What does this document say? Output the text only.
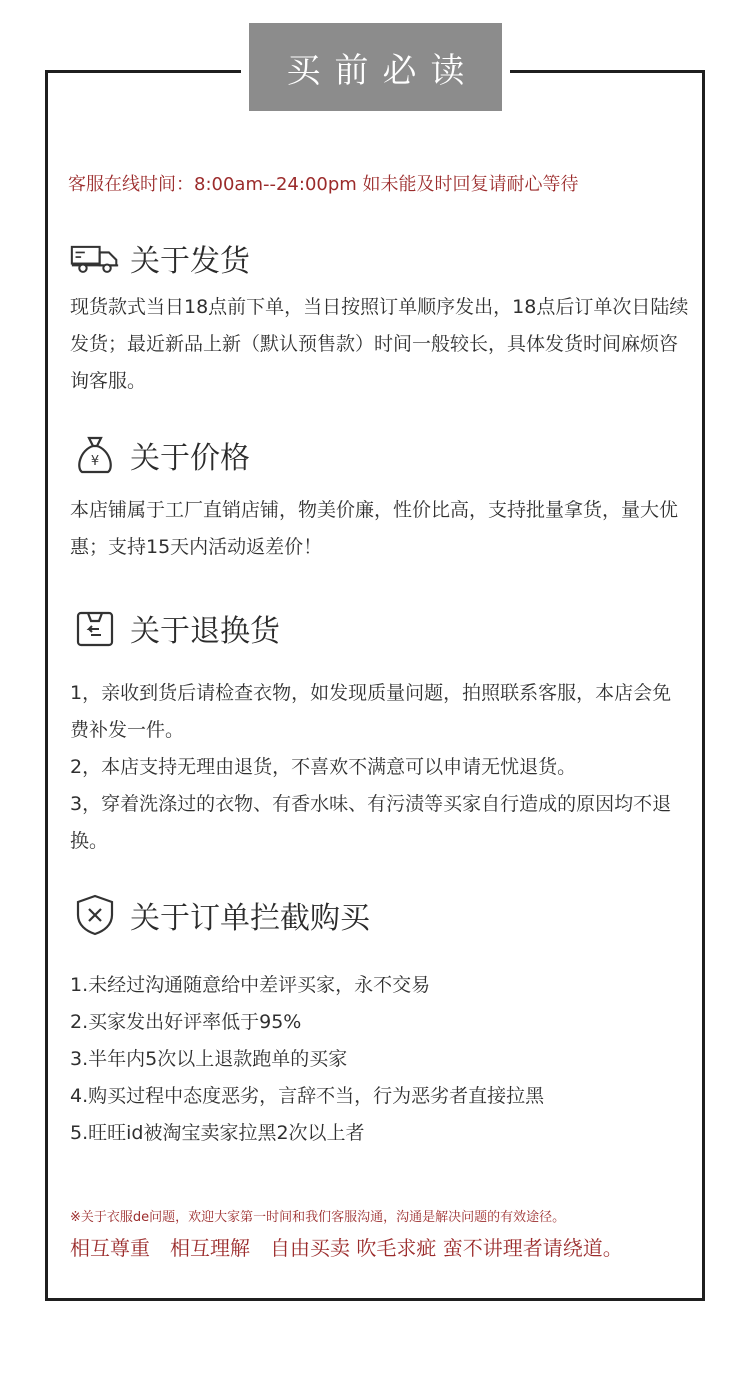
买前必读
客服在线时间：8:00am--24:00pm 如未能及时回复请耐心等待
关于发货

现货款式当日18点前下单，当日按照订单顺序发出，18点后订单次日陆续发货；最近新品上新（默认预售款）时间一般较长，具体发货时间麻烦咨询客服。

¥ 关于价格

本店铺属于工厂直销店铺，物美价廉，性价比高，支持批量拿货，量大优惠；支持15天内活动返差价！

关于退换货

1，亲收到货后请检查衣物，如发现质量问题，拍照联系客服，本店会免费补发一件。

2，本店支持无理由退货，不喜欢不满意可以申请无忧退货。

3，穿着洗涤过的衣物、有香水味、有污渍等买家自行造成的原因均不退换。

关于订单拦截购买

1.未经过沟通随意给中差评买家，永不交易

2.买家发出好评率低于95%

3.半年内5次以上退款跑单的买家

4.购买过程中态度恶劣，言辞不当，行为恶劣者直接拉黑

5.旺旺id被淘宝卖家拉黑2次以上者

※关于衣服de问题，欢迎大家第一时间和我们客服沟通，沟通是解决问题的有效途径。
相互尊重　相互理解　自由买卖 吹毛求疵 蛮不讲理者请绕道。
